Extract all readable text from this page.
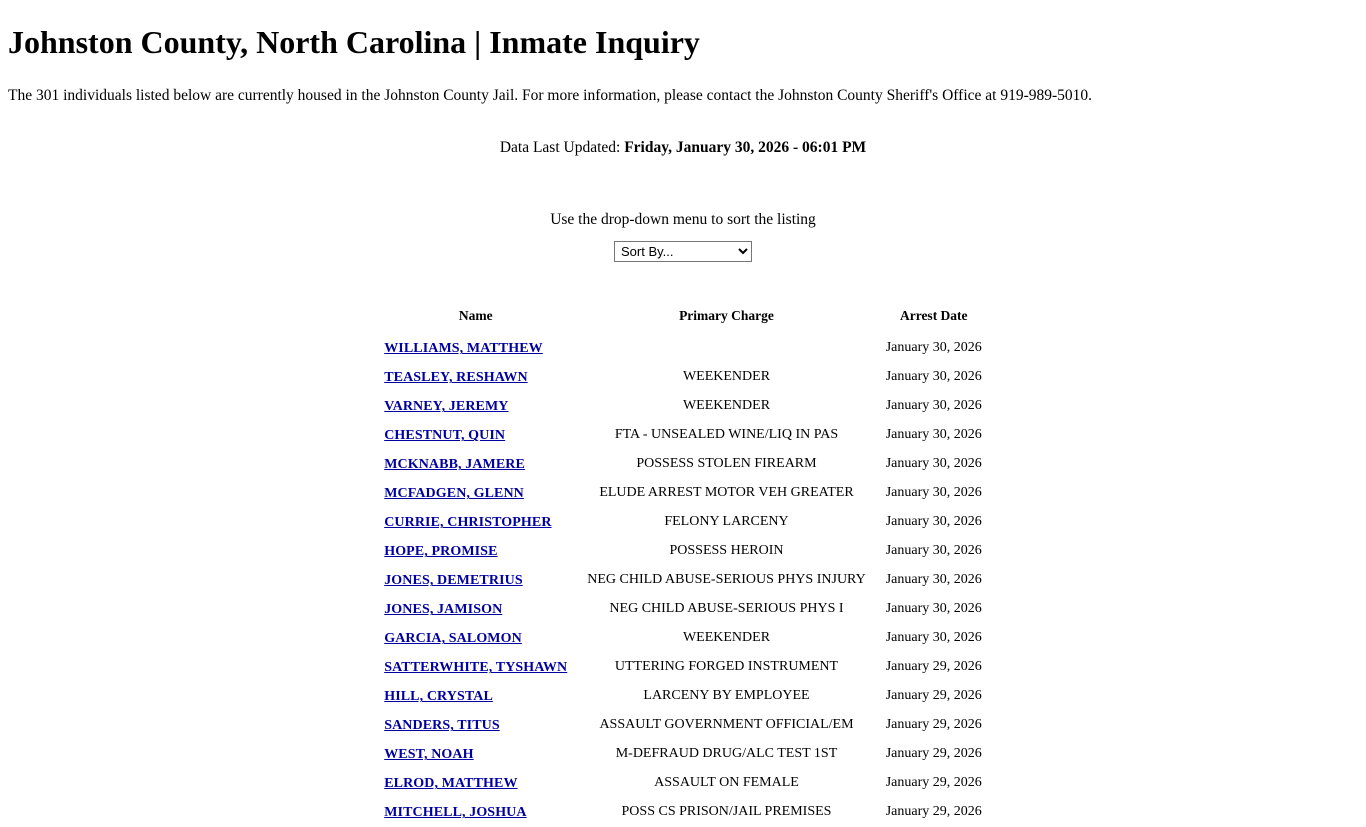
Johnston County, North Carolina | Inmate Inquiry

The 301 individuals listed below are currently housed in the Johnston County Jail. For more information, please contact the Johnston County Sheriff's Office at 919-989-5010.

Data Last Updated: Friday, January 30, 2026 - 06:01 PM

Use the drop-down menu to sort the listing

Sort By...
Name	Primary Charge	Arrest Date
WILLIAMS, MATTHEW		January 30, 2026
TEASLEY, RESHAWN	WEEKENDER	January 30, 2026
VARNEY, JEREMY	WEEKENDER	January 30, 2026
CHESTNUT, QUIN	FTA - UNSEALED WINE/LIQ IN PAS	January 30, 2026
MCKNABB, JAMERE	POSSESS STOLEN FIREARM	January 30, 2026
MCFADGEN, GLENN	ELUDE ARREST MOTOR VEH GREATER	January 30, 2026
CURRIE, CHRISTOPHER	FELONY LARCENY	January 30, 2026
HOPE, PROMISE	POSSESS HEROIN	January 30, 2026
JONES, DEMETRIUS	NEG CHILD ABUSE-SERIOUS PHYS INJURY	January 30, 2026
JONES, JAMISON	NEG CHILD ABUSE-SERIOUS PHYS I	January 30, 2026
GARCIA, SALOMON	WEEKENDER	January 30, 2026
SATTERWHITE, TYSHAWN	UTTERING FORGED INSTRUMENT	January 29, 2026
HILL, CRYSTAL	LARCENY BY EMPLOYEE	January 29, 2026
SANDERS, TITUS	ASSAULT GOVERNMENT OFFICIAL/EM	January 29, 2026
WEST, NOAH	M-DEFRAUD DRUG/ALC TEST 1ST	January 29, 2026
ELROD, MATTHEW	ASSAULT ON FEMALE	January 29, 2026
MITCHELL, JOSHUA	POSS CS PRISON/JAIL PREMISES	January 29, 2026
